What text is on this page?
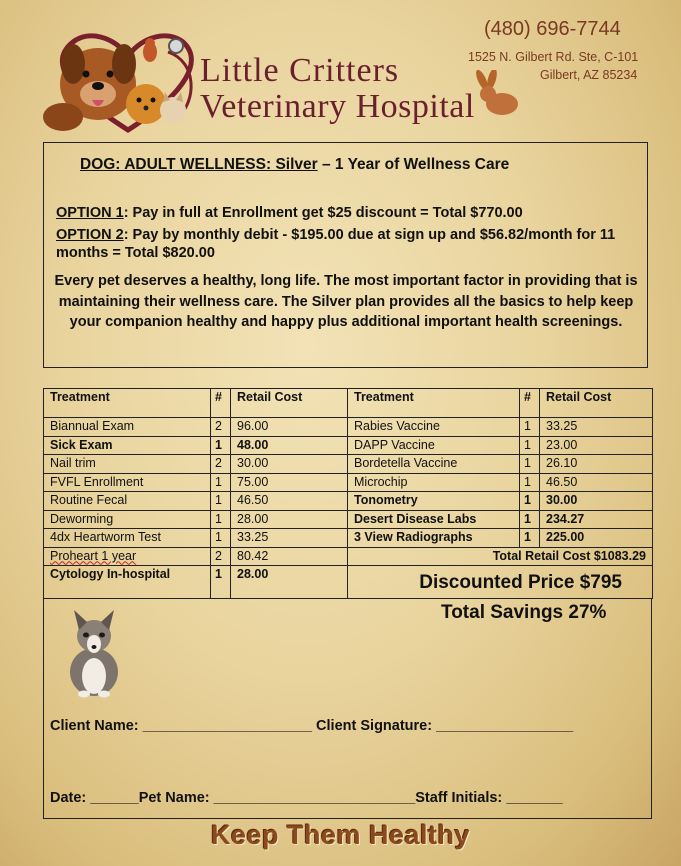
Little Critters
Veterinary Hospital
(480) 696-7744
1525 N. Gilbert Rd. Ste, C-101
Gilbert, AZ 85234
DOG: ADULT WELLNESS: Silver – 1 Year of Wellness Care
OPTION 1: Pay in full at Enrollment get $25 discount = Total $770.00
OPTION 2: Pay by monthly debit - $195.00 due at sign up and $56.82/month for 11 months = Total $820.00
Every pet deserves a healthy, long life. The most important factor in providing that is maintaining their wellness care. The Silver plan provides all the basics to help keep your companion healthy and happy plus additional important health screenings.
Treatment	#	Retail Cost	Treatment	#	Retail Cost
Biannual Exam	2	96.00	Rabies Vaccine	1	33.25
Sick Exam	1	48.00	DAPP Vaccine	1	23.00
Nail trim	2	30.00	Bordetella Vaccine	1	26.10
FVFL Enrollment	1	75.00	Microchip	1	46.50
Routine Fecal	1	46.50	Tonometry	1	30.00
Deworming	1	28.00	Desert Disease Labs	1	234.27
4dx Heartworm Test	1	33.25	3 View Radiographs	1	225.00
Proheart 1 year	2	80.42	Total Retail Cost $1083.29		
Cytology In-hospital	1	28.00	Discounted Price $795		
Total Savings 27%
Client Name: _____________________ Client Signature: _________________
Date: ______Pet Name: _________________________Staff Initials: _______
Keep Them Healthy
